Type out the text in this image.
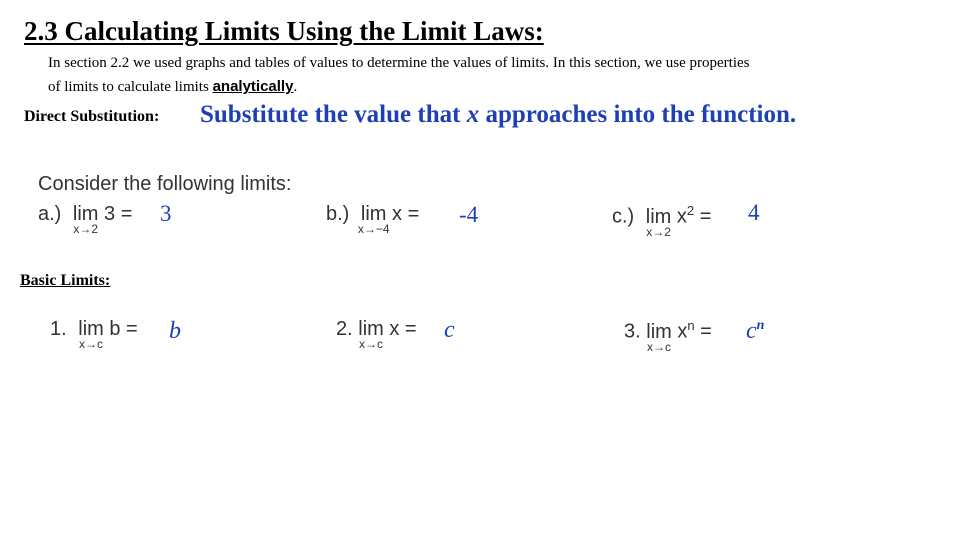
2.3 Calculating Limits Using the Limit Laws:
In section 2.2 we used graphs and tables of values to determine the values of limits. In this section, we use properties
of limits to calculate limits analytically.
Direct Substitution: Substitute the value that x approaches into the function.
Consider the following limits:
a.) lim
x→2
3 = 3	b.) lim
x→−4
x = -4	c.) lim
x→2
$x^2 = 4$
Basic Limits:
1. lim
x→c
b = b	2. lim
x→c
x = c	3. lim
x→c
$x^n = c^n$
